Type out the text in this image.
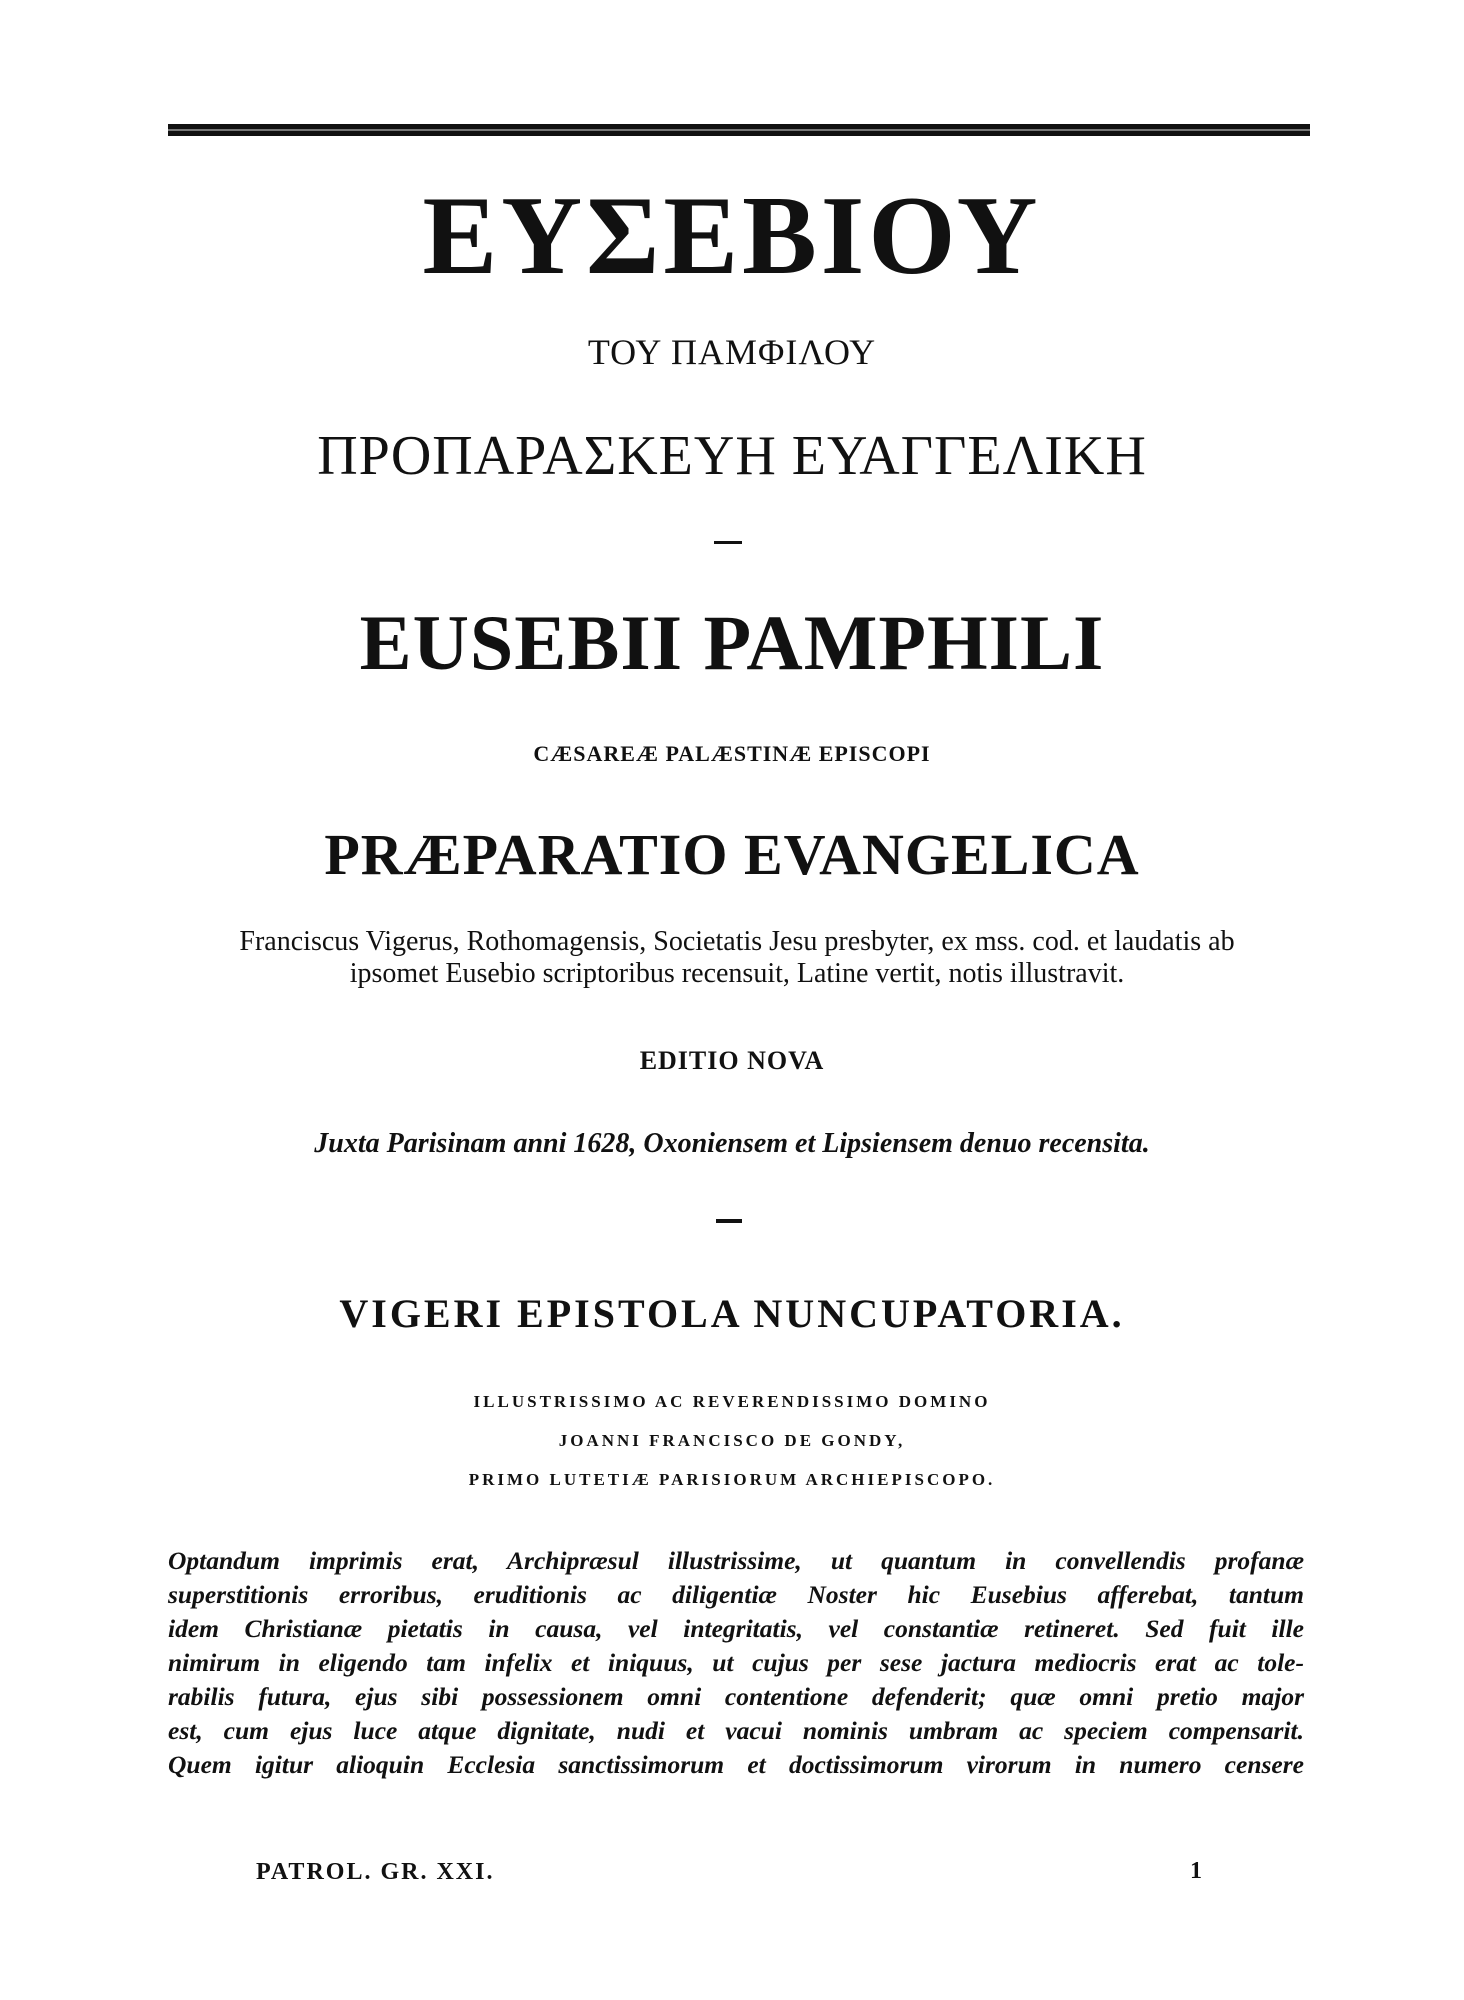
ΕΥΣΕΒΙΟΥ
ΤΟΥ ΠΑΜΦΙΛΟΥ
ΠΡΟΠΑΡΑΣΚΕΥΗ ΕΥΑΓΓΕΛΙΚΗ
EUSEBII PAMPHILI
CÆSAREÆ PALÆSTINÆ EPISCOPI
PRÆPARATIO EVANGELICA
Franciscus Vigerus, Rothomagensis, Societatis Jesu presbyter, ex mss. cod. et laudatis ab
ipsomet Eusebio scriptoribus recensuit, Latine vertit, notis illustravit.
EDITIO NOVA
Juxta Parisinam anni 1628, Oxoniensem et Lipsiensem denuo recensita.
VIGERI EPISTOLA NUNCUPATORIA.
ILLUSTRISSIMO AC REVERENDISSIMO DOMINO
JOANNI FRANCISCO DE GONDY,
PRIMO LUTETIÆ PARISIORUM ARCHIEPISCOPO.

Optandum imprimis erat, Archipræsul illustrissime, ut quantum in convellendis profanæ
superstitionis erroribus, eruditionis ac diligentiæ Noster hic Eusebius afferebat, tantum
idem Christianæ pietatis in causa, vel integritatis, vel constantiæ retineret. Sed fuit ille
nimirum in eligendo tam infelix et iniquus, ut cujus per sese jactura mediocris erat ac tole-
rabilis futura, ejus sibi possessionem omni contentione defenderit; quæ omni pretio major
est, cum ejus luce atque dignitate, nudi et vacui nominis umbram ac speciem compensarit.
Quem igitur alioquin Ecclesia sanctissimorum et doctissimorum virorum in numero censere

PATROL. GR. XXI.	1
